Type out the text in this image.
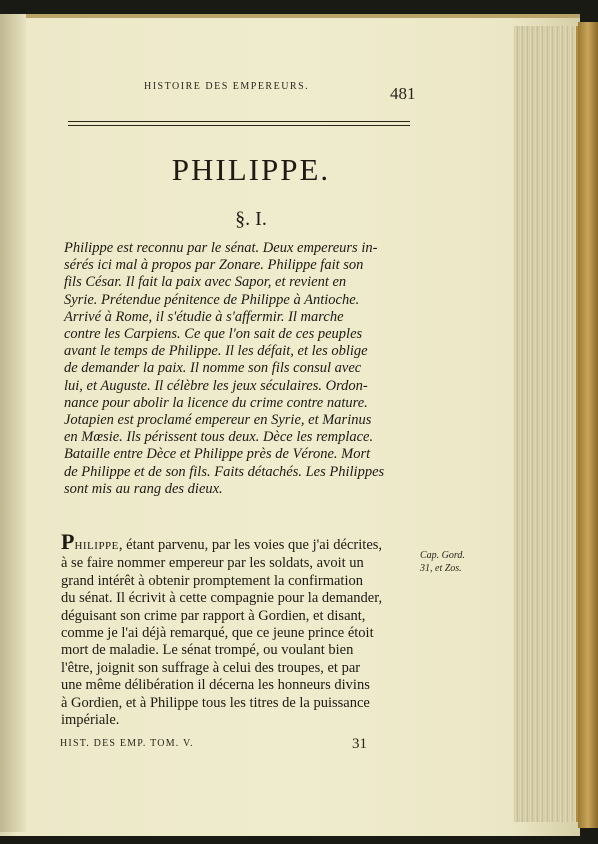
HISTOIRE DES EMPEREURS.	481
PHILIPPE.
§. I.
Philippe est reconnu par le sénat. Deux empereurs in-
sérés ici mal à propos par Zonare. Philippe fait son
fils César. Il fait la paix avec Sapor, et revient en
Syrie. Prétendue pénitence de Philippe à Antioche.
Arrivé à Rome, il s'étudie à s'affermir. Il marche
contre les Carpiens. Ce que l'on sait de ces peuples
avant le temps de Philippe. Il les défait, et les oblige
de demander la paix. Il nomme son fils consul avec
lui, et Auguste. Il célèbre les jeux séculaires. Ordon-
nance pour abolir la licence du crime contre nature.
Jotapien est proclamé empereur en Syrie, et Marinus
en Mœsie. Ils périssent tous deux. Dèce les remplace.
Bataille entre Dèce et Philippe près de Vérone. Mort
de Philippe et de son fils. Faits détachés. Les Philippes
sont mis au rang des dieux.
PHILIPPE, étant parvenu, par les voies que j'ai décrites,
à se faire nommer empereur par les soldats, avoit un
grand intérêt à obtenir promptement la confirmation
du sénat. Il écrivit à cette compagnie pour la demander,
déguisant son crime par rapport à Gordien, et disant,
comme je l'ai déjà remarqué, que ce jeune prince étoit
mort de maladie. Le sénat trompé, ou voulant bien
l'être, joignit son suffrage à celui des troupes, et par
une même délibération il décerna les honneurs divins
à Gordien, et à Philippe tous les titres de la puissance
impériale.
Cap. Gord.
31, et Zos.
HIST. DES EMP. TOM. V.	31
